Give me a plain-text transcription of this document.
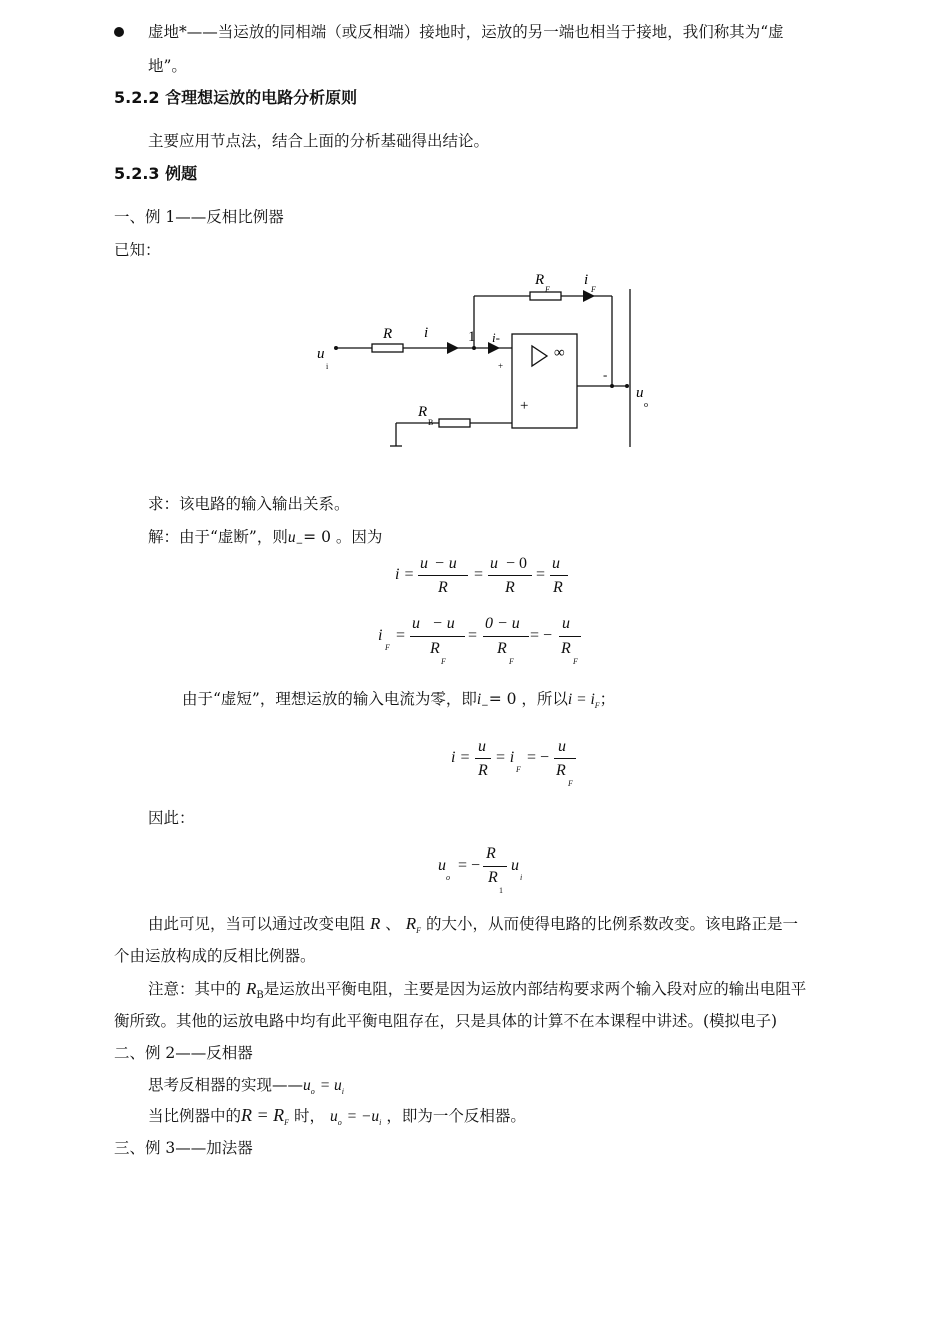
虚地*——当运放的同相端（或反相端）接地时，运放的另一端也相当于接地，我们称其为“虚
地”。
5.2.2 含理想运放的电路分析原则
主要应用节点法，结合上面的分析基础得出结论。
5.2.3 例题
一、例 1——反相比例器
已知：
R
F
i
F
R i	1 i-
∞
+
-
+
u
i
R
B
u
o
求：该电路的输入输出关系。
解：由于“虚断”，则$u_-= 0$ 。因为
i =
u − u
R
=
u − 0
R
=
u
R
i
F
=
u − u
R
F
=
0 − u
R
F
= −
u
R
F
由于“虚短”，理想运放的输入电流为零，即$i_-= 0$ ，所以$i = i_F$；
i =
u
R
= i
F
= −
u
R
F
因此：
u
o
= −
R
R
1
u
i
由此可见，当可以通过改变电阻 R 、 $R_F$ 的大小，从而使得电路的比例系数改变。该电路正是一
个由运放构成的反相比例器。
注意：其中的 $R_B$是运放出平衡电阻，主要是因为运放内部结构要求两个输入段对应的输出电阻平
衡所致。其他的运放电路中均有此平衡电阻存在，只是具体的计算不在本课程中讲述。(模拟电子)
二、例 2——反相器
思考反相器的实现$——u_o = u_i$
当比例器中的$R = R_F$ 时， $u_o = -u_i$ ，即为一个反相器。
三、例 3——加法器
